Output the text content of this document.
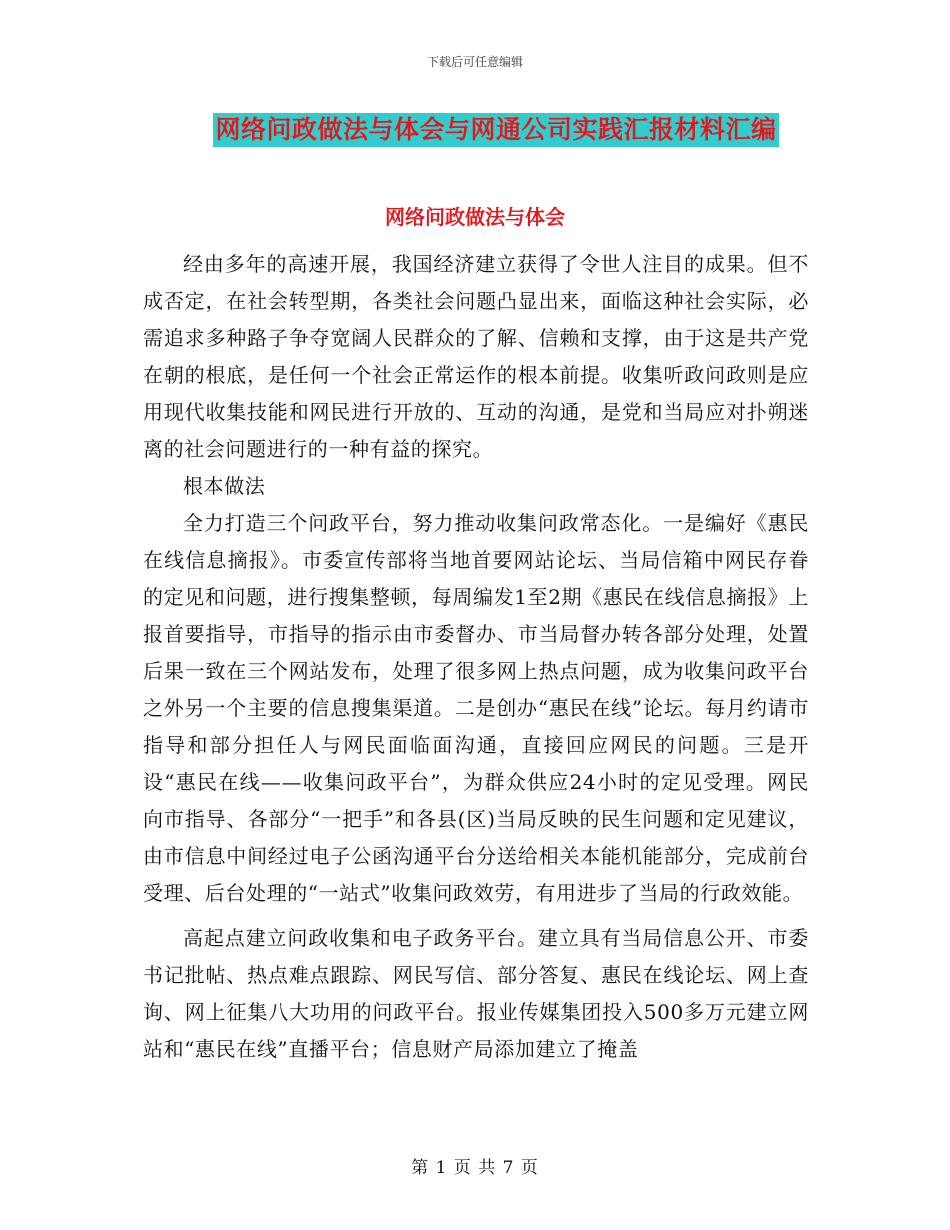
下载后可任意编辑
网络问政做法与体会与网通公司实践汇报材料汇编
网络问政做法与体会

经由多年的高速开展，我国经济建立获得了令世人注目的成果。但不成否定，在社会转型期，各类社会问题凸显出来，面临这种社会实际，必需追求多种路子争夺宽阔人民群众的了解、信赖和支撑，由于这是共产党在朝的根底，是任何一个社会正常运作的根本前提。收集听政问政则是应用现代收集技能和网民进行开放的、互动的沟通，是党和当局应对扑朔迷离的社会问题进行的一种有益的探究。

根本做法

全力打造三个问政平台，努力推动收集问政常态化。一是编好《惠民在线信息摘报》。市委宣传部将当地首要网站论坛、当局信箱中网民存眷的定见和问题，进行搜集整顿，每周编发1至2期《惠民在线信息摘报》上报首要指导，市指导的指示由市委督办、市当局督办转各部分处理，处置后果一致在三个网站发布，处理了很多网上热点问题，成为收集问政平台之外另一个主要的信息搜集渠道。二是创办“惠民在线”论坛。每月约请市指导和部分担任人与网民面临面沟通，直接回应网民的问题。三是开设“惠民在线——收集问政平台”，为群众供应24小时的定见受理。网民向市指导、各部分“一把手”和各县(区)当局反映的民生问题和定见建议，由市信息中间经过电子公函沟通平台分送给相关本能机能部分，完成前台受理、后台处理的“一站式”收集问政效劳，有用进步了当局的行政效能。

高起点建立问政收集和电子政务平台。建立具有当局信息公开、市委书记批帖、热点难点跟踪、网民写信、部分答复、惠民在线论坛、网上查询、网上征集八大功用的问政平台。报业传媒集团投入500多万元建立网站和“惠民在线”直播平台；信息财产局添加建立了掩盖

第 1 页 共 7 页
